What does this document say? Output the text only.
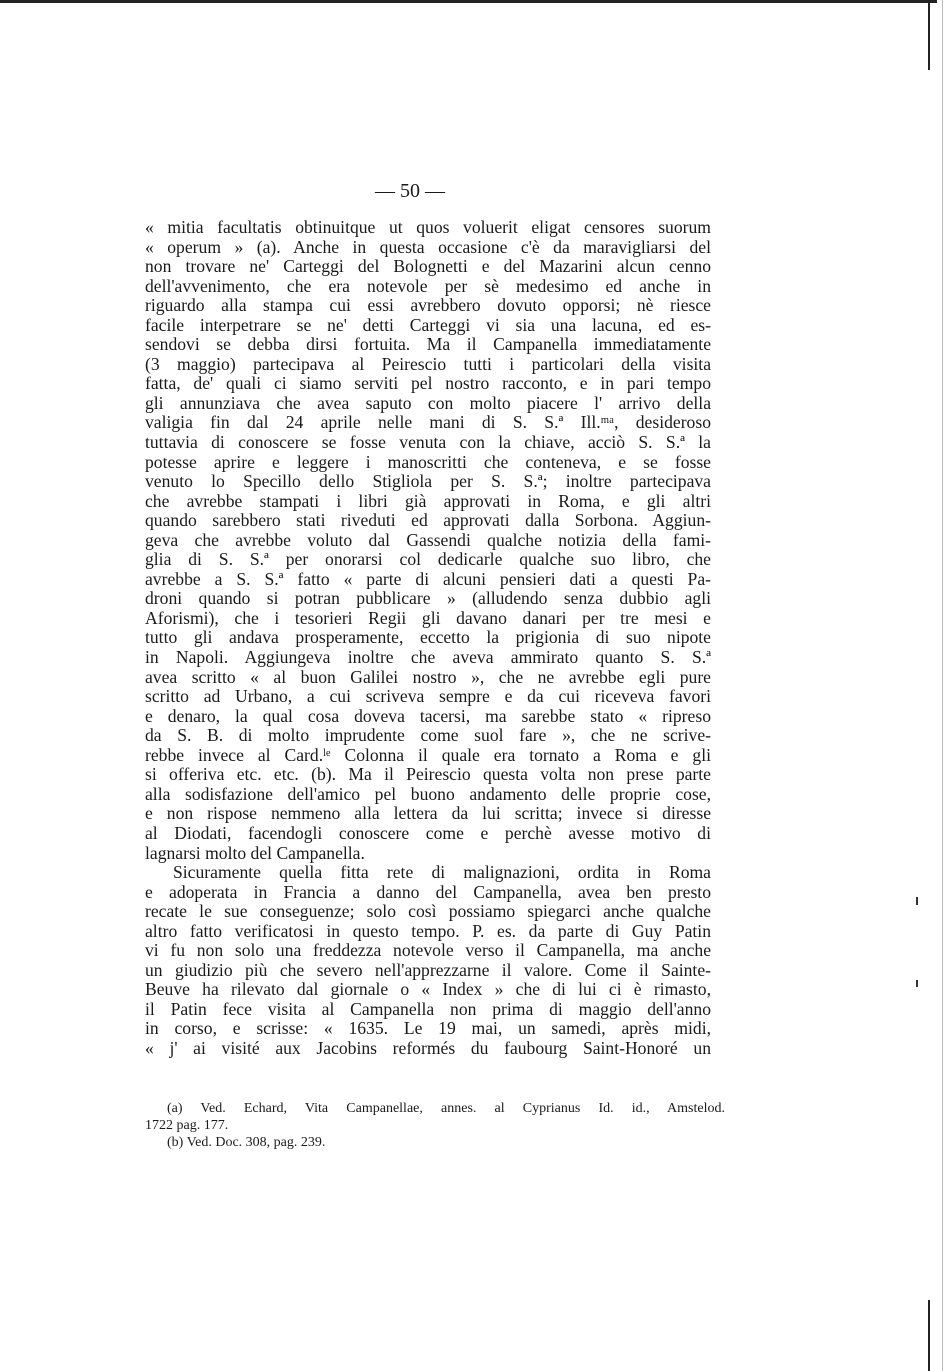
— 50 —
« mitia facultatis obtinuitque ut quos voluerit eligat censores suorum
« operum » (a). Anche in questa occasione c'è da maravigliarsi del
non trovare ne' Carteggi del Bolognetti e del Mazarini alcun cenno
dell'avvenimento, che era notevole per sè medesimo ed anche in
riguardo alla stampa cui essi avrebbero dovuto opporsi; nè riesce
facile interpetrare se ne' detti Carteggi vi sia una lacuna, ed es-
sendovi se debba dirsi fortuita. Ma il Campanella immediatamente
(3 maggio) partecipava al Peirescio tutti i particolari della visita
fatta, de' quali ci siamo serviti pel nostro racconto, e in pari tempo
gli annunziava che avea saputo con molto piacere l' arrivo della
valigia fin dal 24 aprile nelle mani di S. S.ª Ill.ᵐᵃ, desideroso
tuttavia di conoscere se fosse venuta con la chiave, acciò S. S.ª la
potesse aprire e leggere i manoscritti che conteneva, e se fosse
venuto lo Specillo dello Stigliola per S. S.ª; inoltre partecipava
che avrebbe stampati i libri già approvati in Roma, e gli altri
quando sarebbero stati riveduti ed approvati dalla Sorbona. Aggiun-
geva che avrebbe voluto dal Gassendi qualche notizia della fami-
glia di S. S.ª per onorarsi col dedicarle qualche suo libro, che
avrebbe a S. S.ª fatto « parte di alcuni pensieri dati a questi Pa-
droni quando si potran pubblicare » (alludendo senza dubbio agli
Aforismi), che i tesorieri Regii gli davano danari per tre mesi e
tutto gli andava prosperamente, eccetto la prigionia di suo nipote
in Napoli. Aggiungeva inoltre che aveva ammirato quanto S. S.ª
avea scritto « al buon Galilei nostro », che ne avrebbe egli pure
scritto ad Urbano, a cui scriveva sempre e da cui riceveva favori
e denaro, la qual cosa doveva tacersi, ma sarebbe stato « ripreso
da S. B. di molto imprudente come suol fare », che ne scrive-
rebbe invece al Card.ˡᵉ Colonna il quale era tornato a Roma e gli
si offeriva etc. etc. (b). Ma il Peirescio questa volta non prese parte
alla sodisfazione dell'amico pel buono andamento delle proprie cose,
e non rispose nemmeno alla lettera da lui scritta; invece si diresse
al Diodati, facendogli conoscere come e perchè avesse motivo di
lagnarsi molto del Campanella.
Sicuramente quella fitta rete di malignazioni, ordita in Roma
e adoperata in Francia a danno del Campanella, avea ben presto
recate le sue conseguenze; solo così possiamo spiegarci anche qualche
altro fatto verificatosi in questo tempo. P. es. da parte di Guy Patin
vi fu non solo una freddezza notevole verso il Campanella, ma anche
un giudizio più che severo nell'apprezzarne il valore. Come il Sainte-
Beuve ha rilevato dal giornale o « Index » che di lui ci è rimasto,
il Patin fece visita al Campanella non prima di maggio dell'anno
in corso, e scrisse: « 1635. Le 19 mai, un samedi, après midi,
« j' ai visité aux Jacobins reformés du faubourg Saint-Honoré un
(a) Ved. Echard, Vita Campanellae, annes. al Cyprianus Id. id., Amstelod.
1722 pag. 177.
(b) Ved. Doc. 308, pag. 239.
